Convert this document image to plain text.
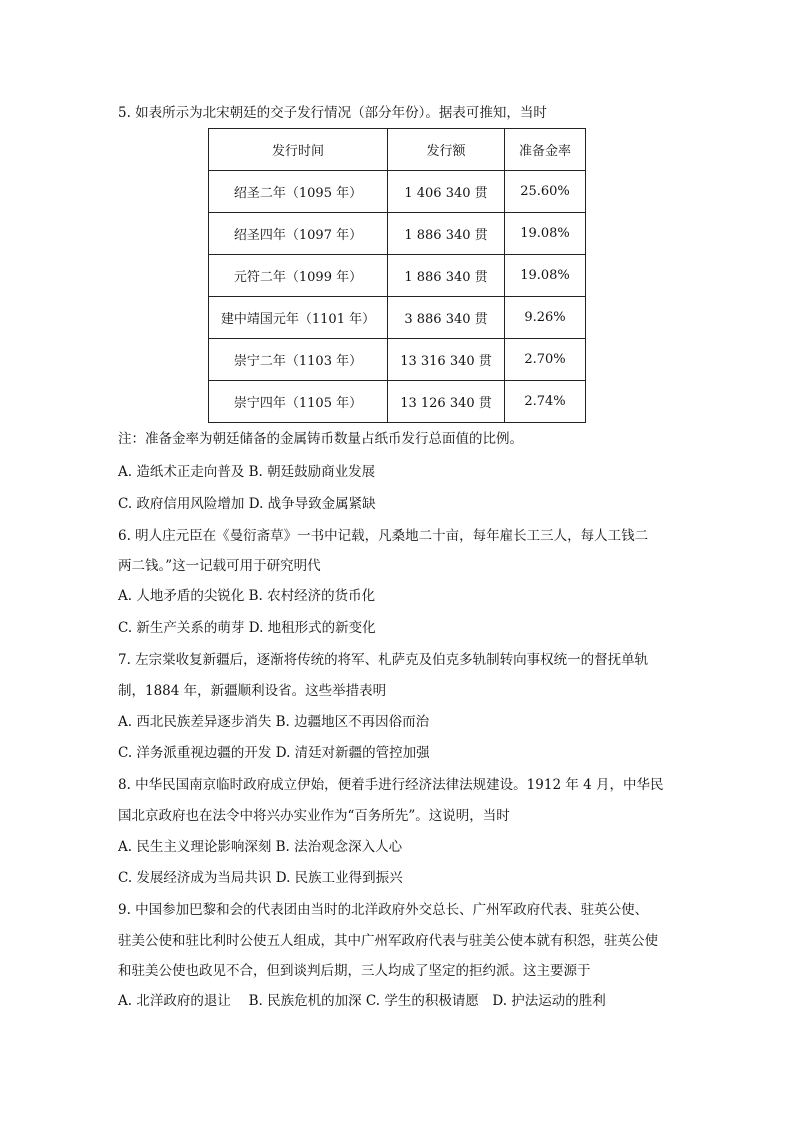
5. 如表所示为北宋朝廷的交子发行情况（部分年份）。据表可推知，当时
发行时间	发行额	准备金率
绍圣二年（1095 年）	1 406 340 贯	25.60%
绍圣四年（1097 年）	1 886 340 贯	19.08%
元符二年（1099 年）	1 886 340 贯	19.08%
建中靖国元年（1101 年）	3 886 340 贯	9.26%
崇宁二年（1103 年）	13 316 340 贯	2.70%
崇宁四年（1105 年）	13 126 340 贯	2.74%
注：准备金率为朝廷储备的金属铸币数量占纸币发行总面值的比例。
A. 造纸术正走向普及 B. 朝廷鼓励商业发展
C. 政府信用风险增加 D. 战争导致金属紧缺
6. 明人庄元臣在《曼衍斋草》一书中记载，凡桑地二十亩，每年雇长工三人，每人工钱二
两二钱。”这一记载可用于研究明代
A. 人地矛盾的尖锐化 B. 农村经济的货币化
C. 新生产关系的萌芽 D. 地租形式的新变化
7. 左宗棠收复新疆后，逐渐将传统的将军、札萨克及伯克多轨制转向事权统一的督抚单轨
制，1884 年，新疆顺利设省。这些举措表明
A. 西北民族差异逐步消失 B. 边疆地区不再因俗而治
C. 洋务派重视边疆的开发 D. 清廷对新疆的管控加强
8. 中华民国南京临时政府成立伊始，便着手进行经济法律法规建设。1912 年 4 月，中华民
国北京政府也在法令中将兴办实业作为“百务所先”。这说明，当时
A. 民生主义理论影响深刻 B. 法治观念深入人心
C. 发展经济成为当局共识 D. 民族工业得到振兴
9. 中国参加巴黎和会的代表团由当时的北洋政府外交总长、广州军政府代表、驻英公使、
驻美公使和驻比利时公使五人组成，其中广州军政府代表与驻美公使本就有积怨，驻英公使
和驻美公使也政见不合，但到谈判后期，三人均成了坚定的拒约派。这主要源于
A. 北洋政府的退让　 B. 民族危机的加深 C. 学生的积极请愿　D. 护法运动的胜利
